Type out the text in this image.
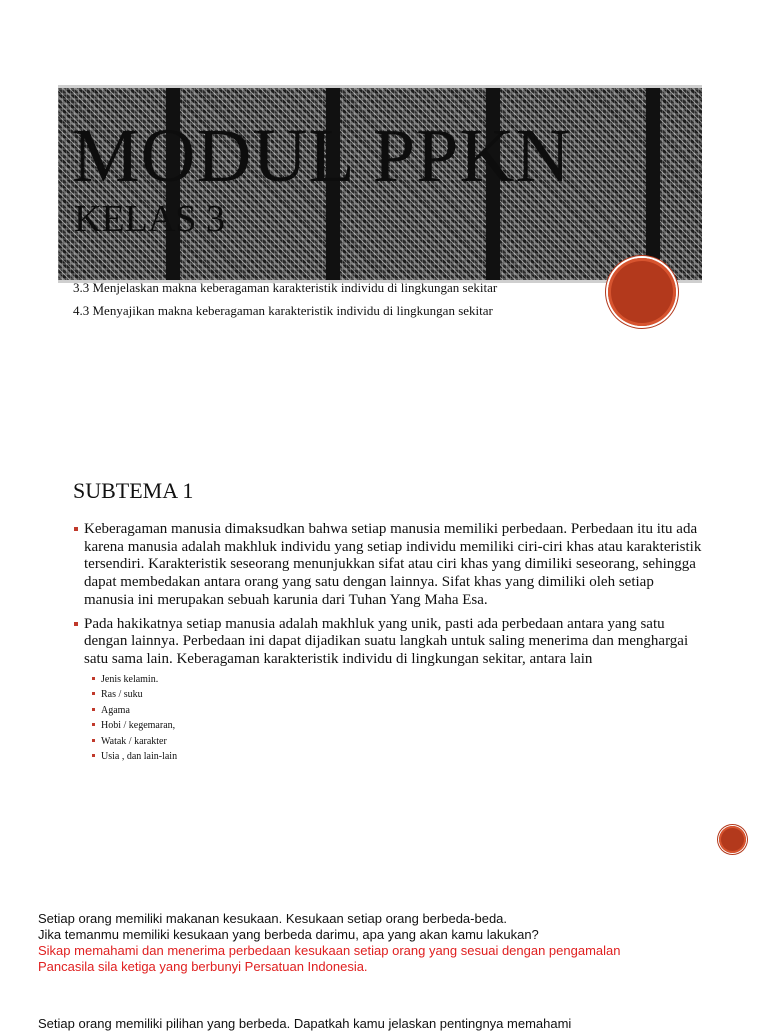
MODUL PPKN
KELAS 3

3.3 Menjelaskan makna keberagaman karakteristik individu di lingkungan sekitar

4.3 Menyajikan makna keberagaman karakteristik individu di lingkungan sekitar

SUBTEMA 1
Keberagaman manusia dimaksudkan bahwa setiap manusia memiliki perbedaan. Perbedaan itu itu ada karena manusia adalah makhluk individu yang setiap individu memiliki ciri-ciri khas atau karakteristik tersendiri. Karakteristik seseorang menunjukkan sifat atau ciri khas yang dimiliki seseorang, sehingga dapat membedakan antara orang yang satu dengan lainnya. Sifat khas yang dimiliki oleh setiap manusia ini merupakan sebuah karunia dari Tuhan Yang Maha Esa.
Pada hakikatnya setiap manusia adalah makhluk yang unik, pasti ada perbedaan antara yang satu dengan lainnya. Perbedaan ini dapat dijadikan suatu langkah untuk saling menerima dan menghargai satu sama lain. Keberagaman karakteristik individu di lingkungan sekitar, antara lain
Jenis kelamin.
Ras / suku
Agama
Hobi / kegemaran,
Watak / karakter
Usia , dan lain-lain

Setiap orang memiliki makanan kesukaan. Kesukaan setiap orang berbeda-beda.

Jika temanmu memiliki kesukaan yang berbeda darimu, apa yang akan kamu lakukan?

Sikap memahami dan menerima perbedaan kesukaan setiap orang yang sesuai dengan pengamalan

Pancasila sila ketiga yang berbunyi Persatuan Indonesia.

Setiap orang memiliki pilihan yang berbeda. Dapatkah kamu jelaskan pentingnya memahami
